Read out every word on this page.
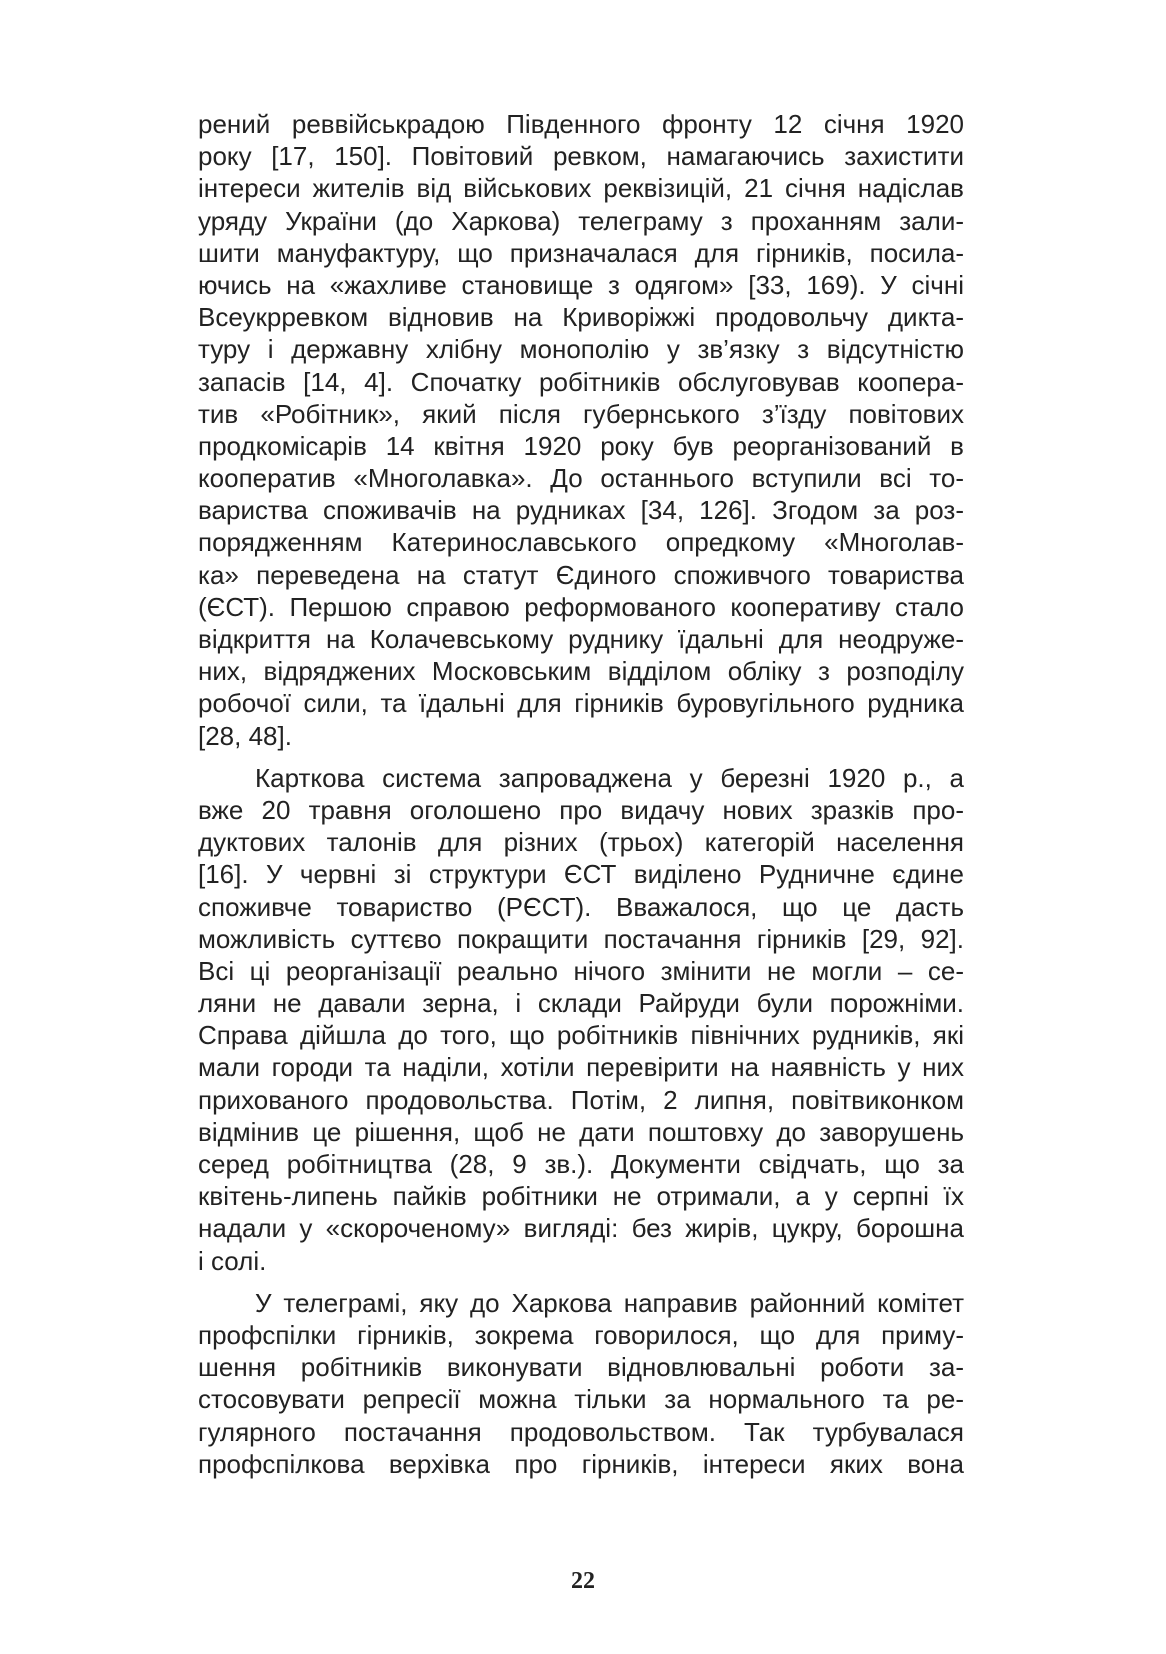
рений реввійськрадою Південного фронту 12 січня 1920
року [17, 150]. Повітовий ревком, намагаючись захистити
інтереси жителів від військових реквізицій, 21 січня надіслав
уряду України (до Харкова) телеграму з проханням зали-
шити мануфактуру, що призначалася для гірників, посила-
ючись на «жахливе становище з одягом» [33, 169). У січні
Всеукрревком відновив на Криворіжжі продовольчу дикта-
туру і державну хлібну монополію у зв’язку з відсутністю
запасів [14, 4]. Спочатку робітників обслуговував коопера-
тив «Робітник», який після губернського з’їзду повітових
продкомісарів 14 квітня 1920 року був реорганізований в
кооператив «Многолавка». До останнього вступили всі то-
вариства споживачів на рудниках [34, 126]. Згодом за роз-
порядженням Катеринославського опредкому «Многолав-
ка» переведена на статут Єдиного споживчого товариства
(ЄСТ). Першою справою реформованого кооперативу стало
відкриття на Колачевському руднику їдальні для неодруже-
них, відряджених Московським відділом обліку з розподілу
робочої сили, та їдальні для гірників буровугільного рудника
[28, 48].
Карткова система запроваджена у березні 1920 р., а
вже 20 травня оголошено про видачу нових зразків про-
дуктових талонів для різних (трьох) категорій населення
[16]. У червні зі структури ЄСТ виділено Рудничне єдине
споживче товариство (РЄСТ). Вважалося, що це дасть
можливість суттєво покращити постачання гірників [29, 92].
Всі ці реорганізації реально нічого змінити не могли – се-
ляни не давали зерна, і склади Райруди були порожніми.
Справа дійшла до того, що робітників північних рудників, які
мали городи та наділи, хотіли перевірити на наявність у них
прихованого продовольства. Потім, 2 липня, повітвиконком
відмінив це рішення, щоб не дати поштовху до заворушень
серед робітництва (28, 9 зв.). Документи свідчать, що за
квітень-липень пайків робітники не отримали, а у серпні їх
надали у «скороченому» вигляді: без жирів, цукру, борошна
і солі.
У телеграмі, яку до Харкова направив районний комітет
профспілки гірників, зокрема говорилося, що для приму-
шення робітників виконувати відновлювальні роботи за-
стосовувати репресії можна тільки за нормального та ре-
гулярного постачання продовольством. Так турбувалася
профспілкова верхівка про гірників, інтереси яких вона
22
